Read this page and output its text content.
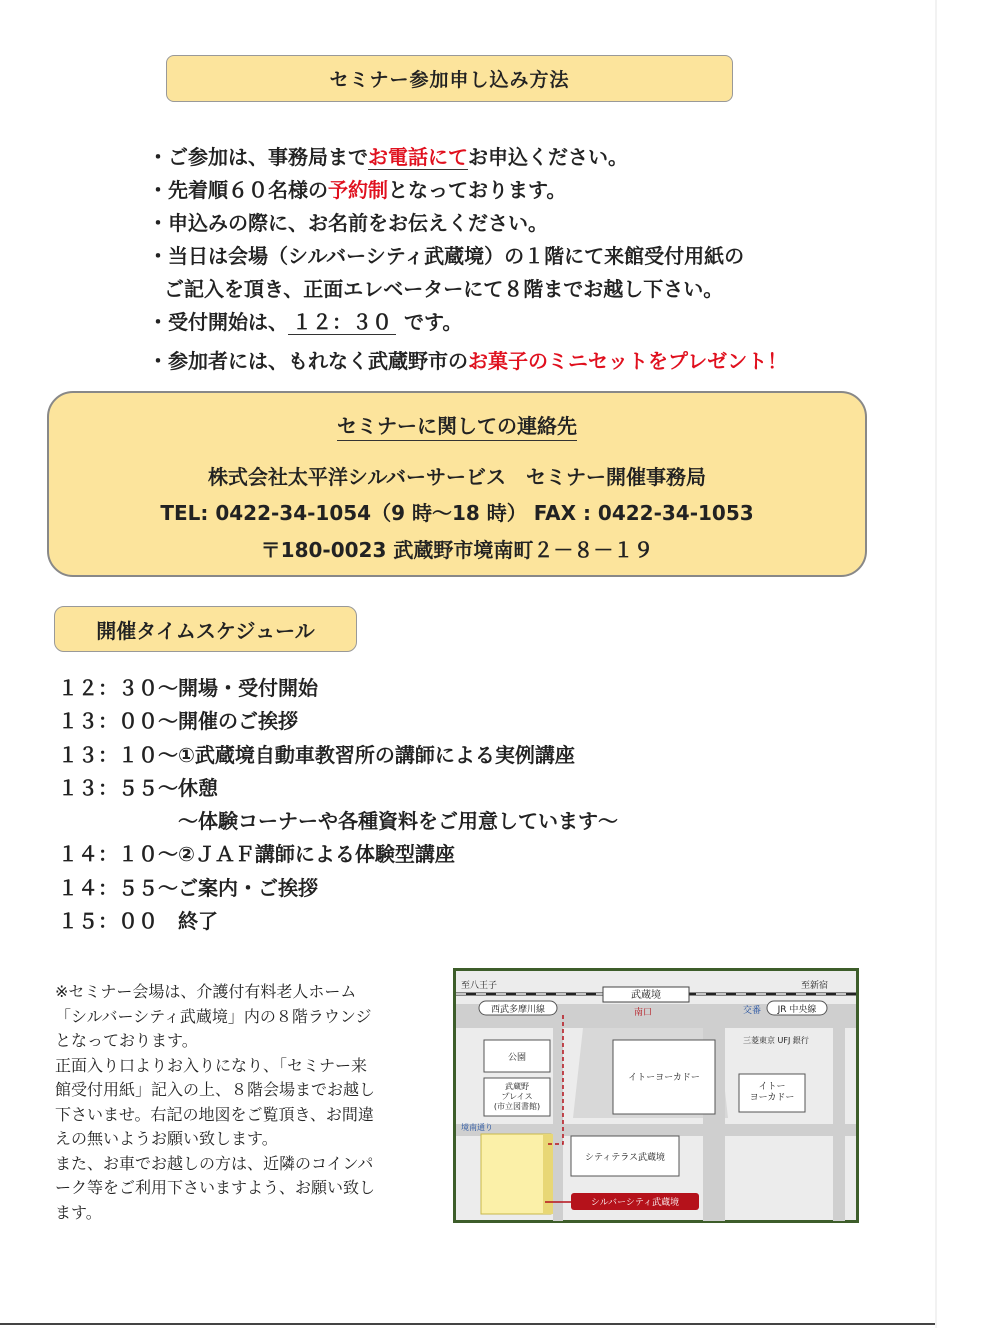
セミナー参加申し込み方法
・ご参加は、事務局までお電話にてお申込ください。
・先着順６０名様の予約制となっております。
・申込みの際に、お名前をお伝えください。
・当日は会場（シルバーシティ武蔵境）の１階にて来館受付用紙の
ご記入を頂き、正面エレベーターにて８階までお越し下さい。
・受付開始は、 １２：３０ です。
・参加者には、もれなく武蔵野市のお菓子のミニセットをプレゼント！
セミナーに関しての連絡先
株式会社太平洋シルバーサービス　セミナー開催事務局
TEL: 0422-34-1054（9 時～18 時） FAX : 0422-34-1053
〒180-0023 武蔵野市境南町２－８－１９
開催タイムスケジュール
１２：３０～開場・受付開始
１３：００～開催のご挨拶
１３：１０～①武蔵境自動車教習所の講師による実例講座
１３：５５～休憩
　　　　　　～体験コーナーや各種資料をご用意しています～
１４：１０～②ＪＡＦ講師による体験型講座
１４：５５～ご案内・ご挨拶
１５：００　終了
※セミナー会場は、介護付有料老人ホーム
「シルバーシティ武蔵境」内の８階ラウンジ
となっております。
正面入り口よりお入りになり、「セミナー来
館受付用紙」記入の上、８階会場までお越し
下さいませ。右記の地図をご覧頂き、お間違
えの無いようお願い致します。
また、お車でお越しの方は、近隣のコインパ
ーク等をご利用下さいますよう、お願い致し
ます。
至八王子	至新宿
武蔵境
南口
西武多摩川線	交番 JR 中央線
三菱東京 UFJ 銀行
公園
武蔵野プレイス(市立図書館)
イトーヨーカドー
イトーヨーカドー
境南通り
シティテラス武蔵境
シルバーシティ武蔵境
